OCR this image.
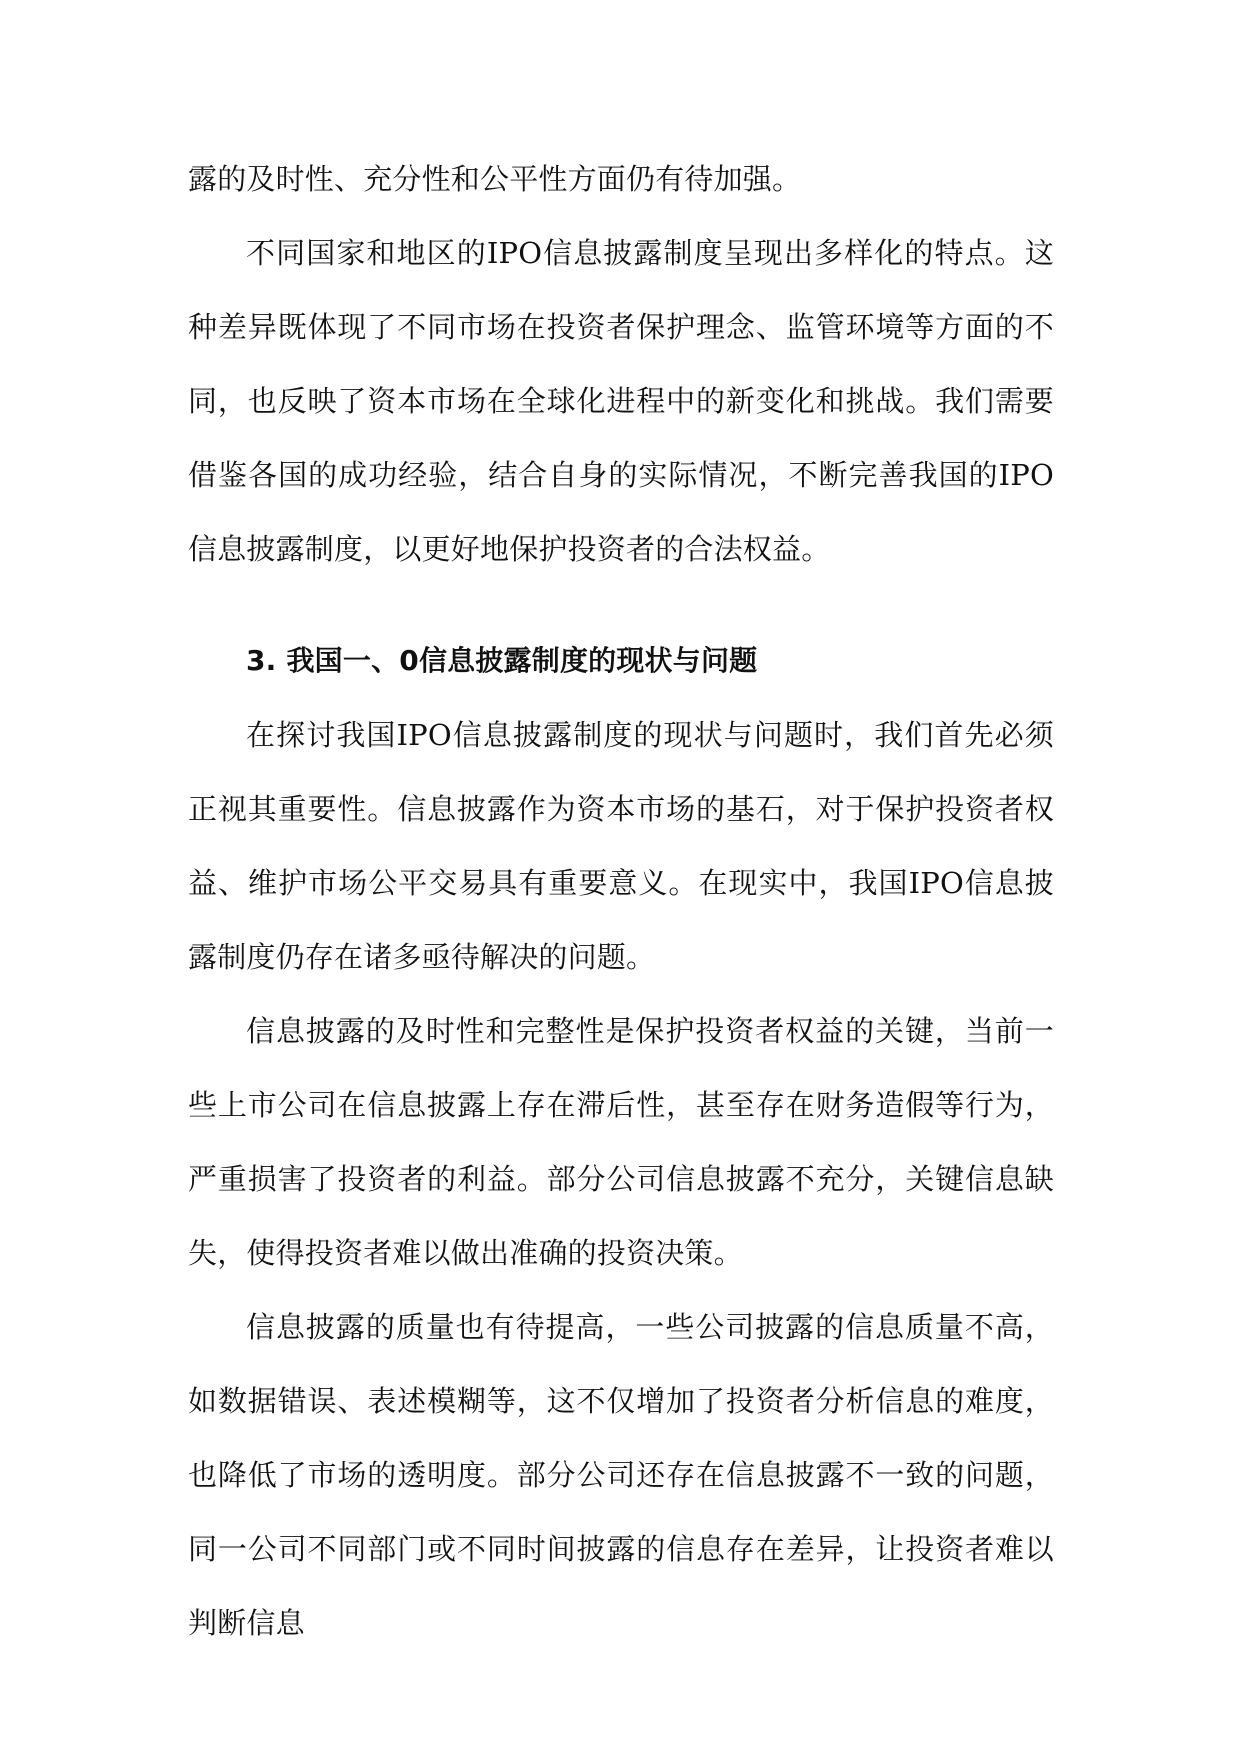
露的及时性、充分性和公平性方面仍有待加强。

不同国家和地区的IPO信息披露制度呈现出多样化的特点。这种差异既体现了不同市场在投资者保护理念、监管环境等方面的不同，也反映了资本市场在全球化进程中的新变化和挑战。我们需要借鉴各国的成功经验，结合自身的实际情况，不断完善我国的IPO信息披露制度，以更好地保护投资者的合法权益。

3. 我国一、0信息披露制度的现状与问题

在探讨我国IPO信息披露制度的现状与问题时，我们首先必须正视其重要性。信息披露作为资本市场的基石，对于保护投资者权益、维护市场公平交易具有重要意义。在现实中，我国IPO信息披露制度仍存在诸多亟待解决的问题。

信息披露的及时性和完整性是保护投资者权益的关键，当前一些上市公司在信息披露上存在滞后性，甚至存在财务造假等行为，严重损害了投资者的利益。部分公司信息披露不充分，关键信息缺失，使得投资者难以做出准确的投资决策。

信息披露的质量也有待提高，一些公司披露的信息质量不高，如数据错误、表述模糊等，这不仅增加了投资者分析信息的难度，也降低了市场的透明度。部分公司还存在信息披露不一致的问题，同一公司不同部门或不同时间披露的信息存在差异，让投资者难以判断信息
